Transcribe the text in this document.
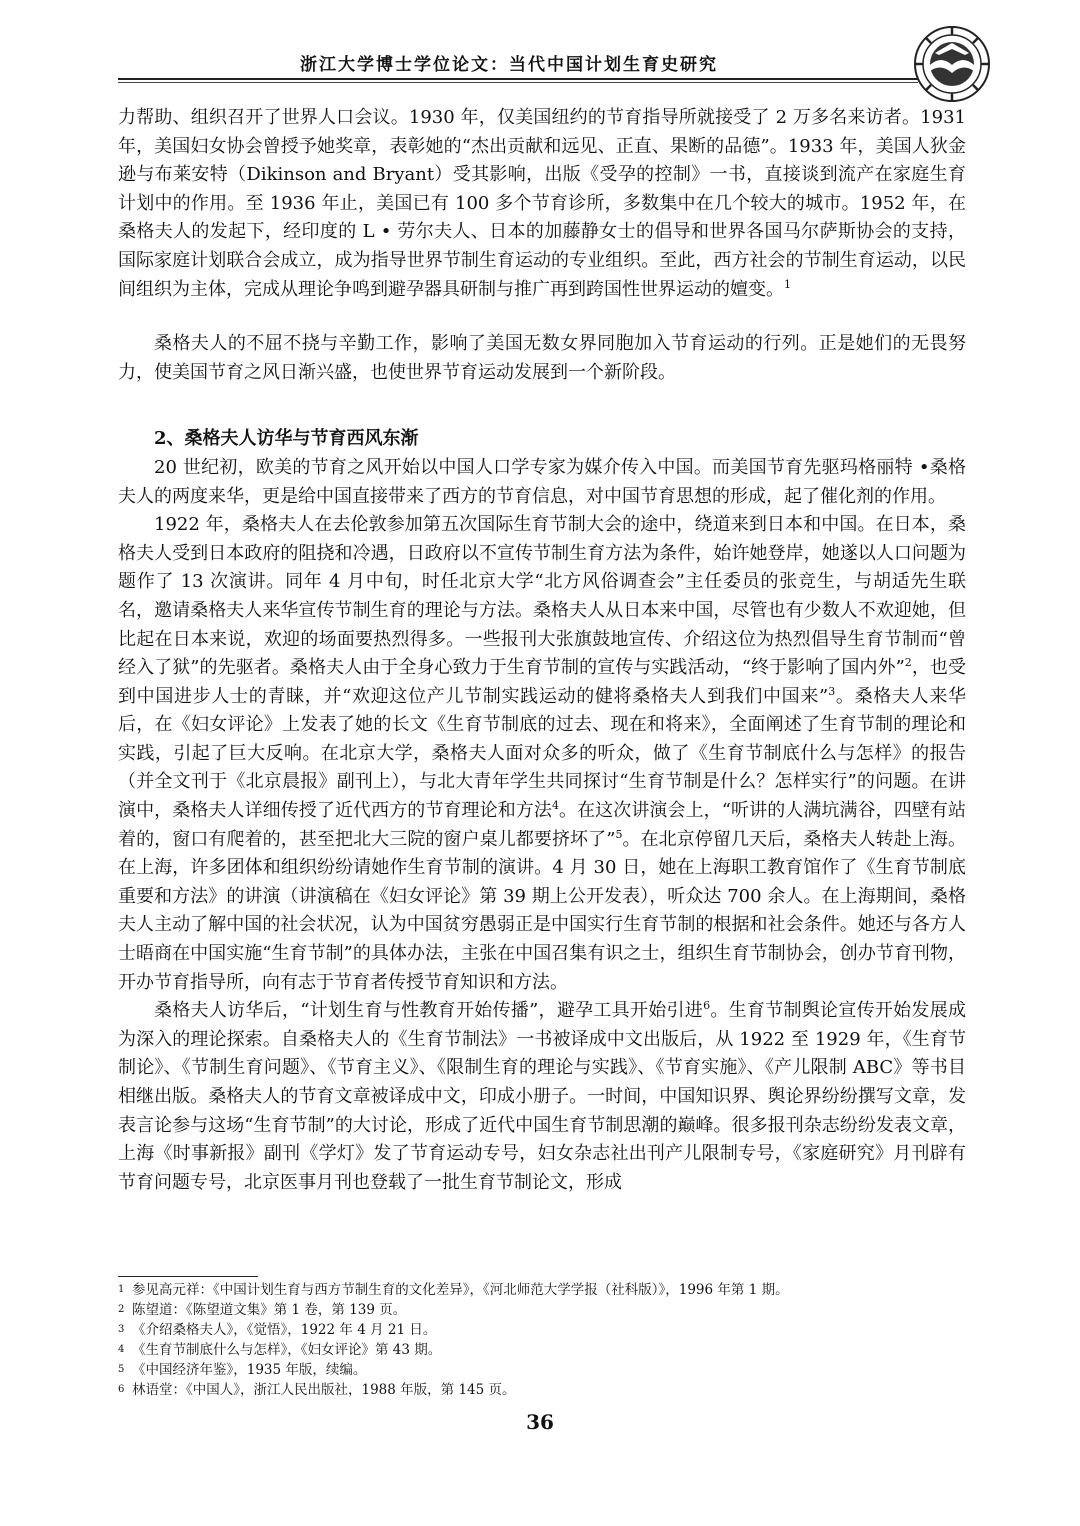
浙江大学博士学位论文：当代中国计划生育史研究

力帮助、组织召开了世界人口会议。1930 年，仅美国纽约的节育指导所就接受了 2 万多名来访者。1931 年，美国妇女协会曾授予她奖章，表彰她的“杰出贡献和远见、正直、果断的品德”。1933 年，美国人狄金逊与布莱安特（Dikinson and Bryant）受其影响，出版《受孕的控制》一书，直接谈到流产在家庭生育计划中的作用。至 1936 年止，美国已有 100 多个节育诊所，多数集中在几个较大的城市。1952 年，在桑格夫人的发起下，经印度的 L • 劳尔夫人、日本的加藤静女士的倡导和世界各国马尔萨斯协会的支持，国际家庭计划联合会成立，成为指导世界节制生育运动的专业组织。至此，西方社会的节制生育运动，以民间组织为主体，完成从理论争鸣到避孕器具研制与推广再到跨国性世界运动的嬗变。$^1$

桑格夫人的不屈不挠与辛勤工作，影响了美国无数女界同胞加入节育运动的行列。正是她们的无畏努力，使美国节育之风日渐兴盛，也使世界节育运动发展到一个新阶段。

2、桑格夫人访华与节育西风东渐

20 世纪初，欧美的节育之风开始以中国人口学专家为媒介传入中国。而美国节育先驱玛格丽特 •桑格夫人的两度来华，更是给中国直接带来了西方的节育信息，对中国节育思想的形成，起了催化剂的作用。

1922 年，桑格夫人在去伦敦参加第五次国际生育节制大会的途中，绕道来到日本和中国。在日本，桑格夫人受到日本政府的阻挠和冷遇，日政府以不宣传节制生育方法为条件，始许她登岸，她遂以人口问题为题作了 13 次演讲。同年 4 月中旬，时任北京大学“北方风俗调查会”主任委员的张竞生，与胡适先生联名，邀请桑格夫人来华宣传节制生育的理论与方法。桑格夫人从日本来中国，尽管也有少数人不欢迎她，但比起在日本来说，欢迎的场面要热烈得多。一些报刊大张旗鼓地宣传、介绍这位为热烈倡导生育节制而“曾经入了狱”的先驱者。桑格夫人由于全身心致力于生育节制的宣传与实践活动，“终于影响了国内外”$^2$，也受到中国进步人士的青睐，并“欢迎这位产儿节制实践运动的健将桑格夫人到我们中国来”$^3$。桑格夫人来华后，在《妇女评论》上发表了她的长文《生育节制底的过去、现在和将来》，全面阐述了生育节制的理论和实践，引起了巨大反响。在北京大学，桑格夫人面对众多的听众，做了《生育节制底什么与怎样》的报告（并全文刊于《北京晨报》副刊上），与北大青年学生共同探讨“生育节制是什么？怎样实行”的问题。在讲演中，桑格夫人详细传授了近代西方的节育理论和方法$^4$。在这次讲演会上，“听讲的人满坑满谷，四壁有站着的，窗口有爬着的，甚至把北大三院的窗户桌儿都要挤坏了”$^5$。在北京停留几天后，桑格夫人转赴上海。在上海，许多团体和组织纷纷请她作生育节制的演讲。4 月 30 日，她在上海职工教育馆作了《生育节制底重要和方法》的讲演（讲演稿在《妇女评论》第 39 期上公开发表），听众达 700 余人。在上海期间，桑格夫人主动了解中国的社会状况，认为中国贫穷愚弱正是中国实行生育节制的根据和社会条件。她还与各方人士晤商在中国实施“生育节制”的具体办法，主张在中国召集有识之士，组织生育节制协会，创办节育刊物，开办节育指导所，向有志于节育者传授节育知识和方法。

桑格夫人访华后，“计划生育与性教育开始传播”，避孕工具开始引进$^6$。生育节制舆论宣传开始发展成为深入的理论探索。自桑格夫人的《生育节制法》一书被译成中文出版后，从 1922 至 1929 年，《生育节制论》、《节制生育问题》、《节育主义》、《限制生育的理论与实践》、《节育实施》、《产儿限制 ABC》等书目相继出版。桑格夫人的节育文章被译成中文，印成小册子。一时间，中国知识界、舆论界纷纷撰写文章，发表言论参与这场“生育节制”的大讨论，形成了近代中国生育节制思潮的巅峰。很多报刊杂志纷纷发表文章，上海《时事新报》副刊《学灯》发了节育运动专号，妇女杂志社出刊产儿限制专号，《家庭研究》月刊辟有节育问题专号，北京医事月刊也登载了一批生育节制论文，形成

1 参见高元祥：《中国计划生育与西方节制生育的文化差异》，《河北师范大学学报（社科版）》，1996 年第 1 期。
2 陈望道：《陈望道文集》第 1 卷，第 139 页。
3 《介绍桑格夫人》，《觉悟》，1922 年 4 月 21 日。
4 《生育节制底什么与怎样》，《妇女评论》第 43 期。
5 《中国经济年鉴》，1935 年版，续编。
6 林语堂：《中国人》，浙江人民出版社，1988 年版，第 145 页。
36
